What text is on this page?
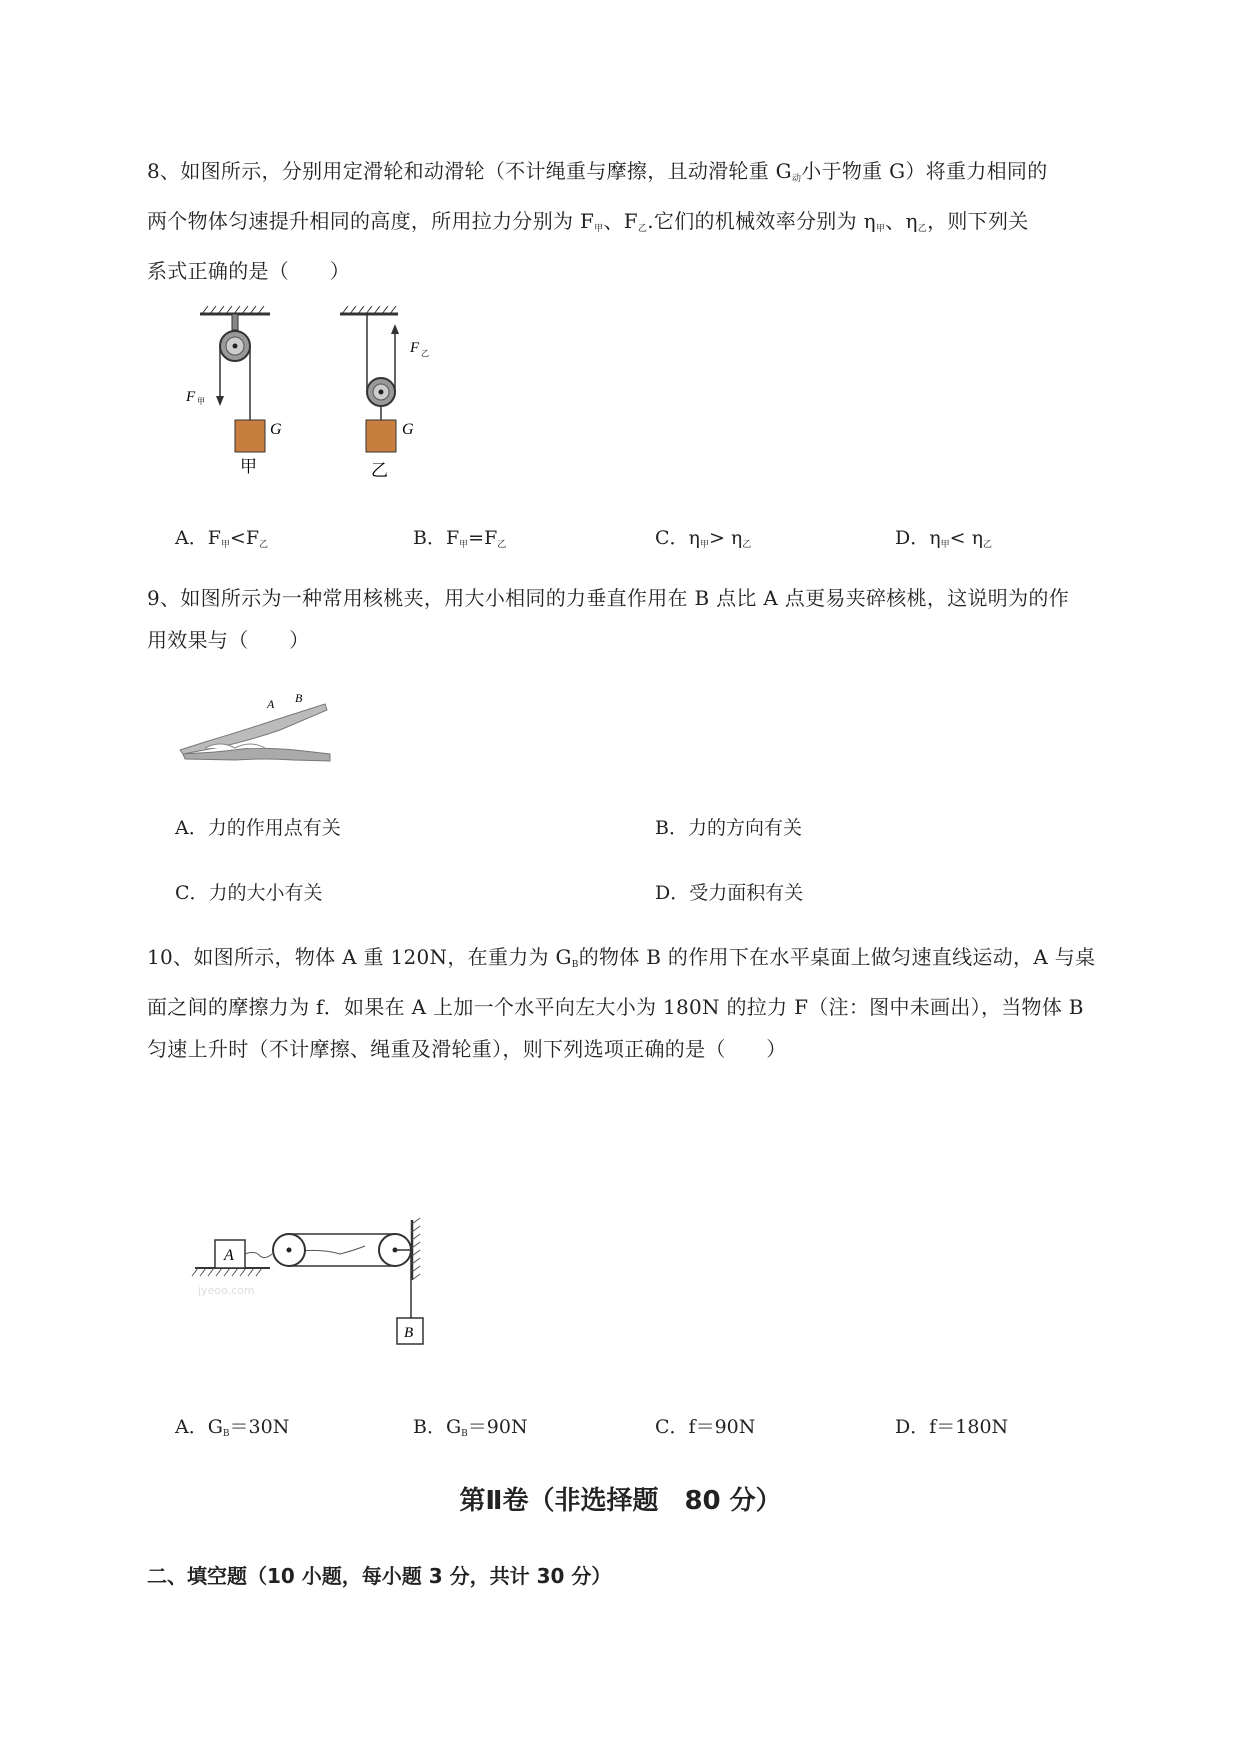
8、如图所示，分别用定滑轮和动滑轮（不计绳重与摩擦，且动滑轮重 $G_动$小于物重 G）将重力相同的

两个物体匀速提升相同的高度，所用拉力分别为 $F_甲$、$F_乙$.它们的机械效率分别为 $\eta_甲$、$\eta_乙$，则下列关

系式正确的是（　　）

F 甲
G
甲
F 乙
G
乙
A．$F_甲<F_乙$	B．$F_甲=F_乙$	C．$\eta_甲> \eta_乙$	D．$\eta_甲< \eta_乙$

9、如图所示为一种常用核桃夹，用大小相同的力垂直作用在 B 点比 A 点更易夹碎核桃，这说明为的作

用效果与（　　）

A B
A．力的作用点有关	B．力的方向有关
C．力的大小有关	D．受力面积有关

10、如图所示，物体 A 重 120N，在重力为 $G_B$的物体 B 的作用下在水平桌面上做匀速直线运动，A 与桌

面之间的摩擦力为 f．如果在 A 上加一个水平向左大小为 180N 的拉力 F（注：图中未画出），当物体 B

匀速上升时（不计摩擦、绳重及滑轮重），则下列选项正确的是（　　）

A
B
jyeoo.com
A．$G_B=30N$	B．$G_B=90N$	C．f＝90N	D．f＝180N
第Ⅱ卷（非选择题　80 分）
二、填空题（10 小题，每小题 3 分，共计 30 分）
